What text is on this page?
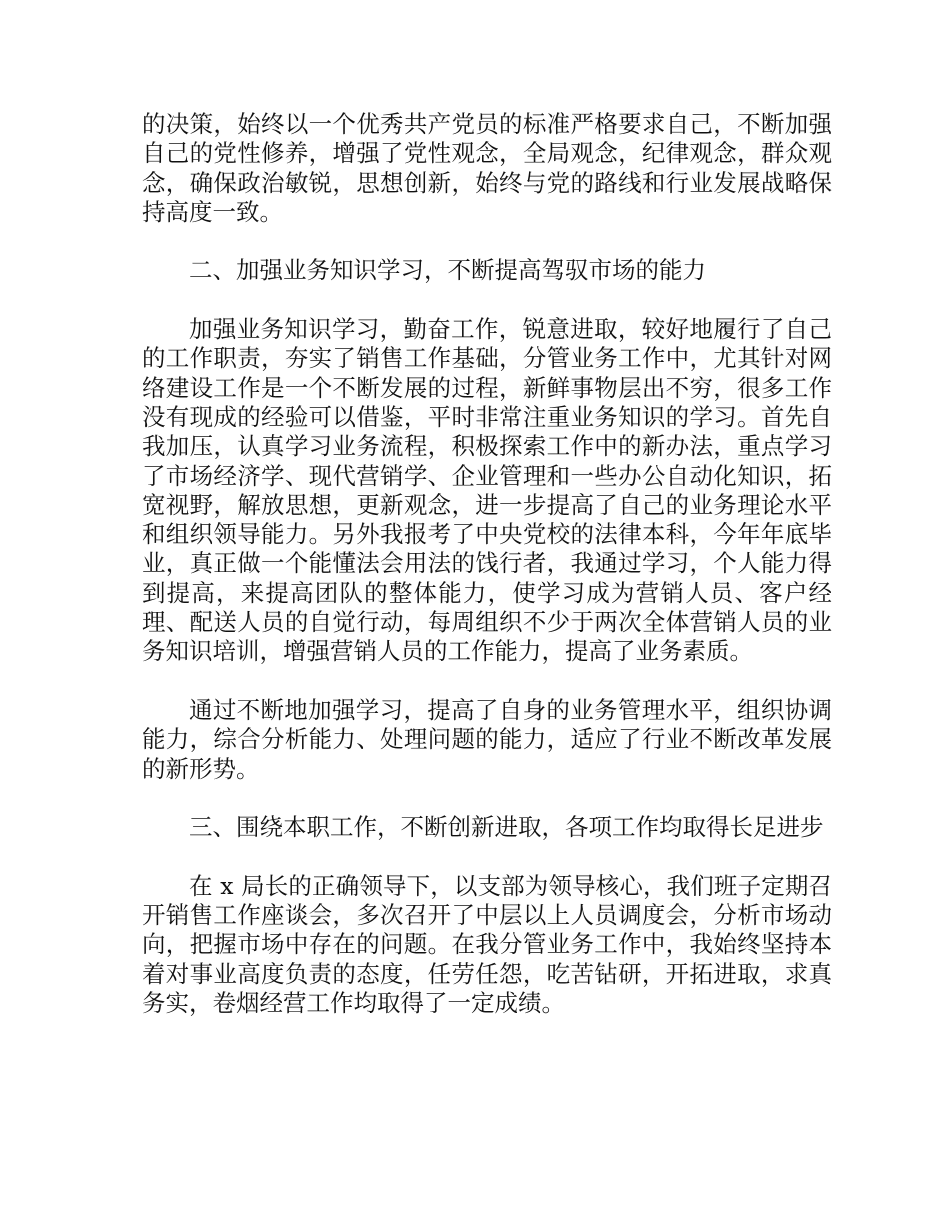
的决策，始终以一个优秀共产党员的标准严格要求自己，不断加强自己的党性修养，增强了党性观念，全局观念，纪律观念，群众观念，确保政治敏锐，思想创新，始终与党的路线和行业发展战略保持高度一致。

二、加强业务知识学习，不断提高驾驭市场的能力

加强业务知识学习，勤奋工作，锐意进取，较好地履行了自己的工作职责，夯实了销售工作基础，分管业务工作中，尤其针对网络建设工作是一个不断发展的过程，新鲜事物层出不穷，很多工作没有现成的经验可以借鉴，平时非常注重业务知识的学习。首先自我加压，认真学习业务流程，积极探索工作中的新办法，重点学习了市场经济学、现代营销学、企业管理和一些办公自动化知识，拓宽视野，解放思想，更新观念，进一步提高了自己的业务理论水平和组织领导能力。另外我报考了中央党校的法律本科，今年年底毕业，真正做一个能懂法会用法的饯行者，我通过学习，个人能力得到提高，来提高团队的整体能力，使学习成为营销人员、客户经理、配送人员的自觉行动，每周组织不少于两次全体营销人员的业务知识培训，增强营销人员的工作能力，提高了业务素质。

通过不断地加强学习，提高了自身的业务管理水平，组织协调能力，综合分析能力、处理问题的能力，适应了行业不断改革发展的新形势。

三、围绕本职工作，不断创新进取，各项工作均取得长足进步

在 x 局长的正确领导下，以支部为领导核心，我们班子定期召开销售工作座谈会，多次召开了中层以上人员调度会，分析市场动向，把握市场中存在的问题。在我分管业务工作中，我始终坚持本着对事业高度负责的态度，任劳任怨，吃苦钻研，开拓进取，求真务实，卷烟经营工作均取得了一定成绩。
